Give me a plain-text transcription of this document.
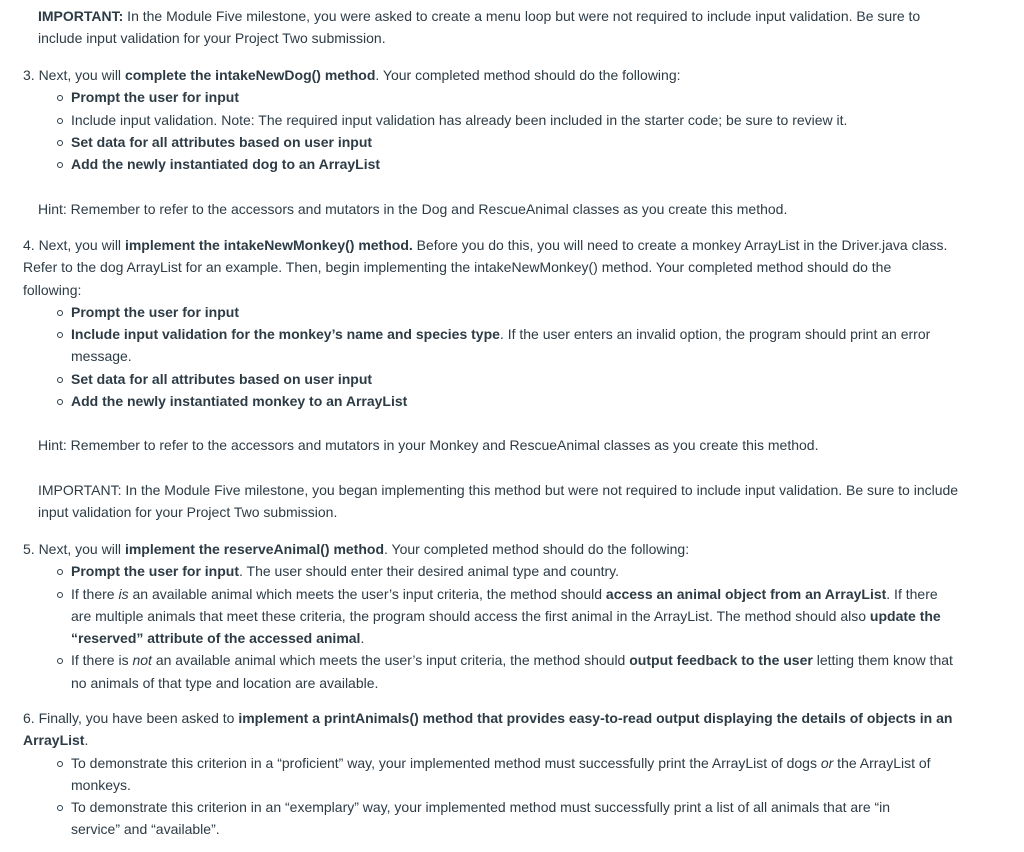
IMPORTANT: In the Module Five milestone, you were asked to create a menu loop but were not required to include input validation. Be sure to include input validation for your Project Two submission.

3. Next, you will complete the intakeNewDog() method. Your completed method should do the following:

Prompt the user for input
Include input validation. Note: The required input validation has already been included in the starter code; be sure to review it.
Set data for all attributes based on user input
Add the newly instantiated dog to an ArrayList

Hint: Remember to refer to the accessors and mutators in the Dog and RescueAnimal classes as you create this method.

4. Next, you will implement the intakeNewMonkey() method. Before you do this, you will need to create a monkey ArrayList in the Driver.java class. Refer to the dog ArrayList for an example. Then, begin implementing the intakeNewMonkey() method. Your completed method should do the following:

Prompt the user for input
Include input validation for the monkey’s name and species type. If the user enters an invalid option, the program should print an error message.
Set data for all attributes based on user input
Add the newly instantiated monkey to an ArrayList

Hint: Remember to refer to the accessors and mutators in your Monkey and RescueAnimal classes as you create this method.

IMPORTANT: In the Module Five milestone, you began implementing this method but were not required to include input validation. Be sure to include input validation for your Project Two submission.

5. Next, you will implement the reserveAnimal() method. Your completed method should do the following:

Prompt the user for input. The user should enter their desired animal type and country.
If there is an available animal which meets the user’s input criteria, the method should access an animal object from an ArrayList. If there are multiple animals that meet these criteria, the program should access the first animal in the ArrayList. The method should also update the “reserved” attribute of the accessed animal.
If there is not an available animal which meets the user’s input criteria, the method should output feedback to the user letting them know that no animals of that type and location are available.

6. Finally, you have been asked to implement a printAnimals() method that provides easy-to-read output displaying the details of objects in an ArrayList.

To demonstrate this criterion in a “proficient” way, your implemented method must successfully print the ArrayList of dogs or the ArrayList of monkeys.
To demonstrate this criterion in an “exemplary” way, your implemented method must successfully print a list of all animals that are “in service” and “available”.
